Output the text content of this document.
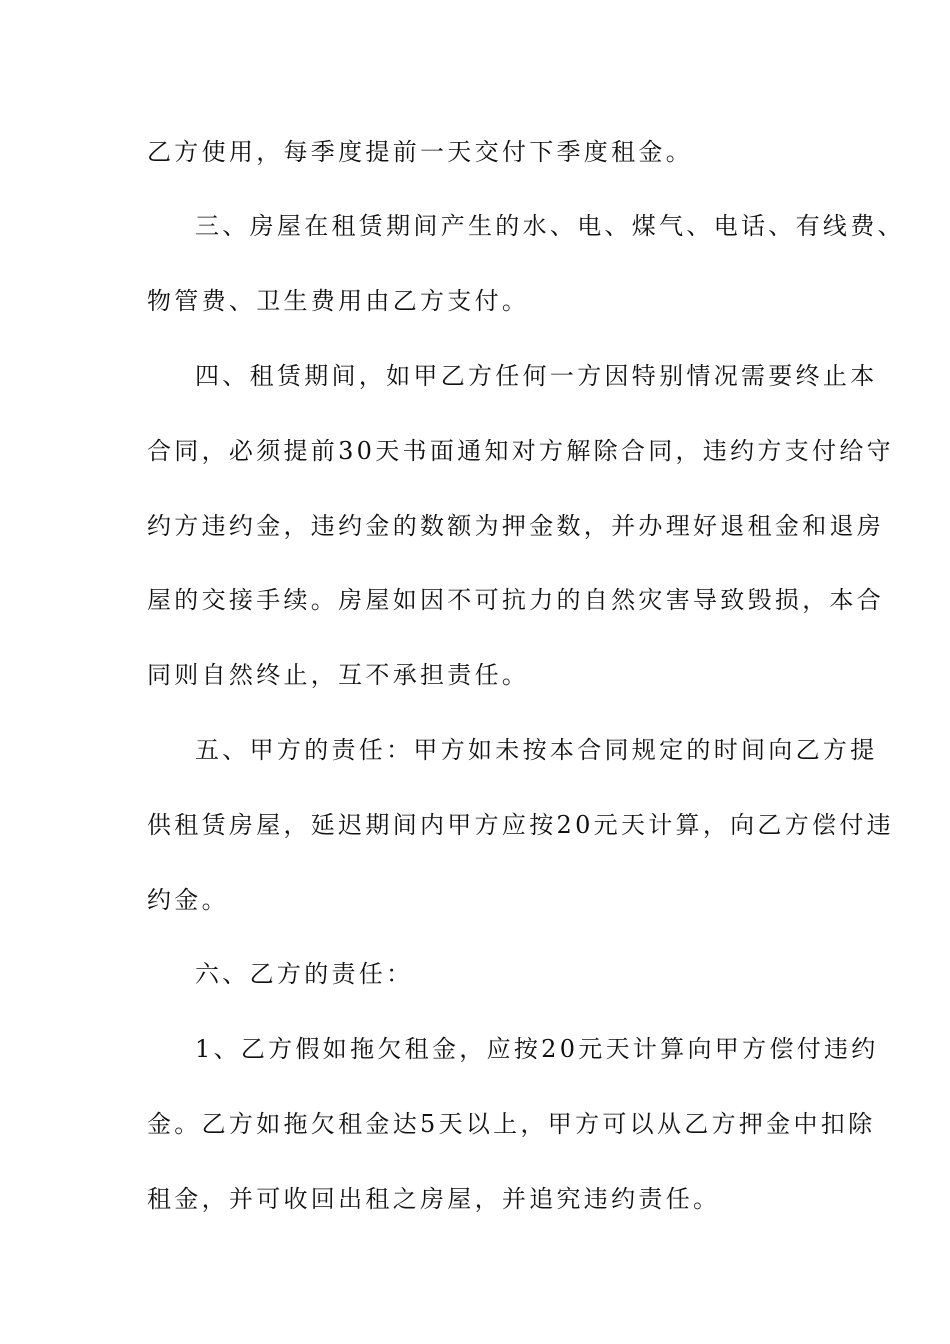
乙方使用，每季度提前一天交付下季度租金。
三、房屋在租赁期间产生的水、电、煤气、电话、有线费、
物管费、卫生费用由乙方支付。
四、租赁期间，如甲乙方任何一方因特别情况需要终止本
合同，必须提前30天书面通知对方解除合同，违约方支付给守
约方违约金，违约金的数额为押金数，并办理好退租金和退房
屋的交接手续。房屋如因不可抗力的自然灾害导致毁损，本合
同则自然终止，互不承担责任。
五、甲方的责任：甲方如未按本合同规定的时间向乙方提
供租赁房屋，延迟期间内甲方应按20元天计算，向乙方偿付违
约金。
六、乙方的责任：
1、乙方假如拖欠租金，应按20元天计算向甲方偿付违约
金。乙方如拖欠租金达5天以上，甲方可以从乙方押金中扣除
租金，并可收回出租之房屋，并追究违约责任。
